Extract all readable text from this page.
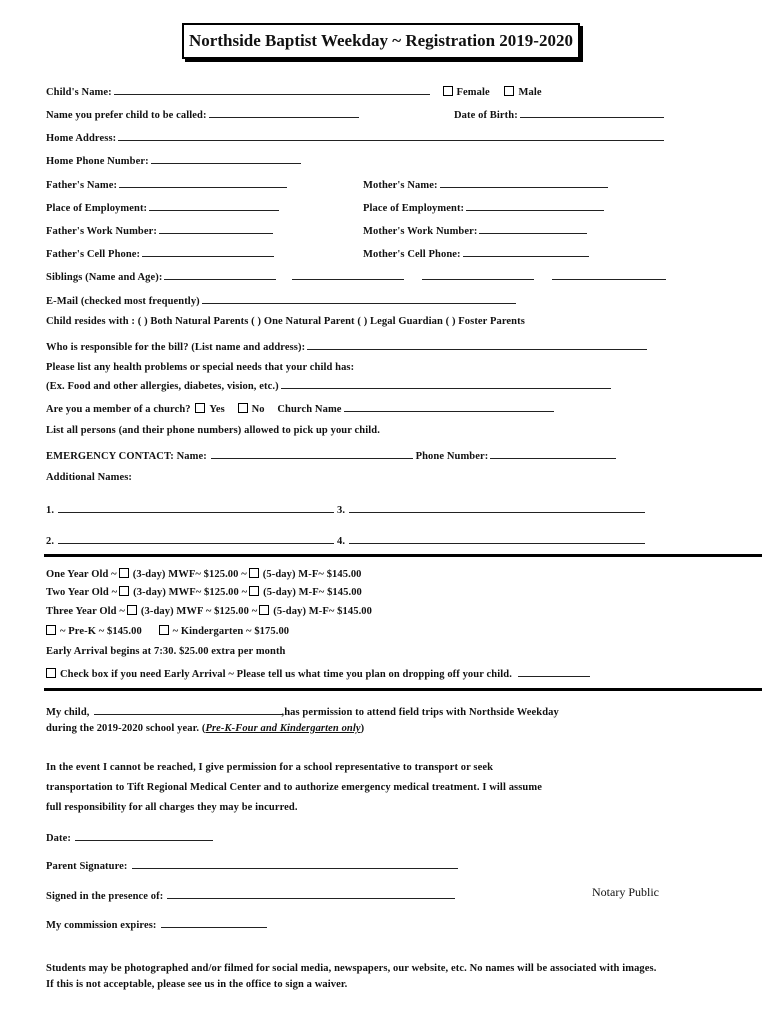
Northside Baptist Weekday ~ Registration 2019-2020
Child's Name:	Female	Male
Name you prefer child to be called:	Date of Birth:
Home Address:
Home Phone Number:
Father's Name:	Mother's Name:
Place of Employment:	Place of Employment:
Father's Work Number:	Mother's Work Number:
Father's Cell Phone:	Mother's Cell Phone:
Siblings (Name and Age):
E-Mail (checked most frequently)
Child resides with : ( ) Both Natural Parents ( ) One Natural Parent ( ) Legal Guardian ( ) Foster Parents
Who is responsible for the bill? (List name and address):
Please list any health problems or special needs that your child has:
(Ex. Food and other allergies, diabetes, vision, etc.)
Are you a member of a church? Yes	No Church Name
List all persons (and their phone numbers) allowed to pick up your child.
EMERGENCY CONTACT: Name:	Phone Number:
Additional Names:
1.	3.
2.	4.
One Year Old ~ (3-day) MWF~ $125.00 ~ (5-day) M-F~ $145.00
Two Year Old ~ (3-day) MWF~ $125.00 ~ (5-day) M-F~ $145.00
Three Year Old ~ (3-day) MWF ~ $125.00 ~ (5-day) M-F~ $145.00
~ Pre-K ~ $145.00	~ Kindergarten ~ $175.00
Early Arrival begins at 7:30. $25.00 extra per month
Check box if you need Early Arrival ~ Please tell us what time you plan on dropping off your child.
My child,	,has permission to attend field trips with Northside Weekday
during the 2019-2020 school year. (Pre-K-Four and Kindergarten only)
In the event I cannot be reached, I give permission for a school representative to transport or seek
transportation to Tift Regional Medical Center and to authorize emergency medical treatment. I will assume
full responsibility for all charges they may be incurred.
Date:
Parent Signature:
Signed in the presence of:	Notary Public
My commission expires:
Students may be photographed and/or filmed for social media, newspapers, our website, etc. No names will be associated with images.
If this is not acceptable, please see us in the office to sign a waiver.
